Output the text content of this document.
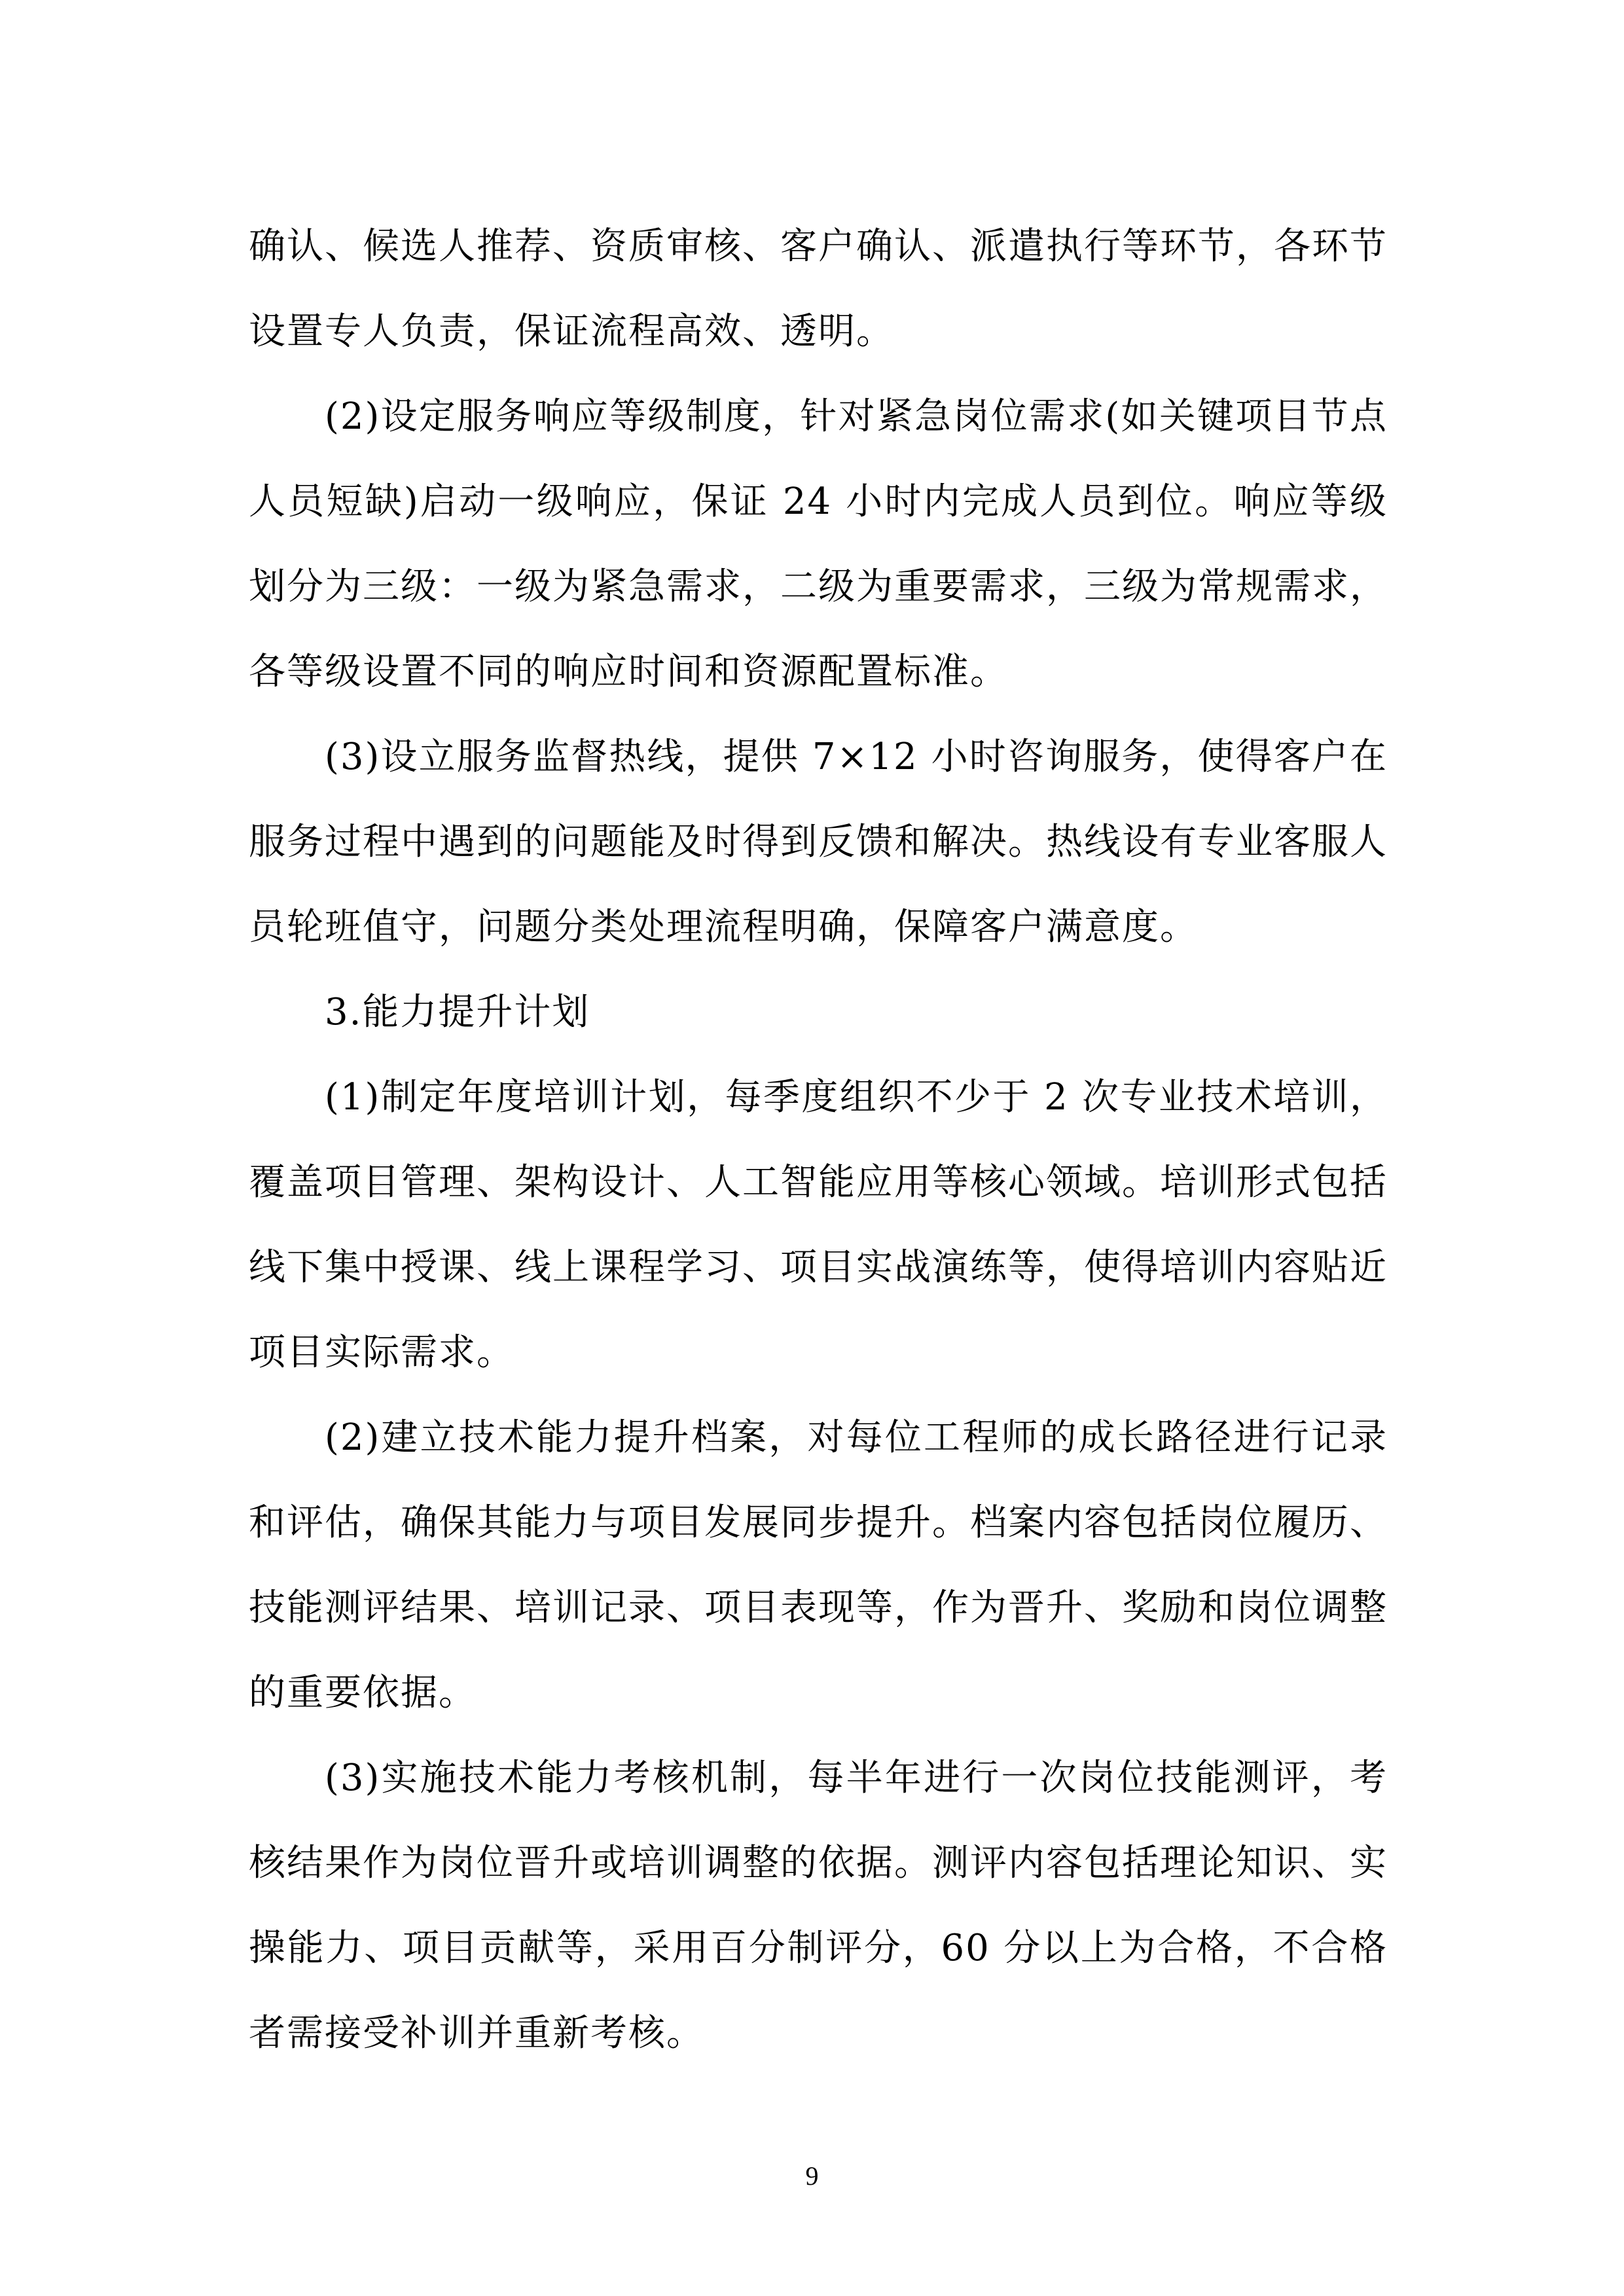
确认、候选人推荐、资质审核、客户确认、派遣执行等环节，各环节设置专人负责，保证流程高效、透明。

(2)设定服务响应等级制度，针对紧急岗位需求(如关键项目节点人员短缺)启动一级响应，保证 24 小时内完成人员到位。响应等级划分为三级：一级为紧急需求，二级为重要需求，三级为常规需求，各等级设置不同的响应时间和资源配置标准。

(3)设立服务监督热线，提供 7×12 小时咨询服务，使得客户在服务过程中遇到的问题能及时得到反馈和解决。热线设有专业客服人员轮班值守，问题分类处理流程明确，保障客户满意度。

3.能力提升计划

(1)制定年度培训计划，每季度组织不少于 2 次专业技术培训，覆盖项目管理、架构设计、人工智能应用等核心领域。培训形式包括线下集中授课、线上课程学习、项目实战演练等，使得培训内容贴近项目实际需求。

(2)建立技术能力提升档案，对每位工程师的成长路径进行记录和评估，确保其能力与项目发展同步提升。档案内容包括岗位履历、技能测评结果、培训记录、项目表现等，作为晋升、奖励和岗位调整的重要依据。

(3)实施技术能力考核机制，每半年进行一次岗位技能测评，考核结果作为岗位晋升或培训调整的依据。测评内容包括理论知识、实操能力、项目贡献等，采用百分制评分，60 分以上为合格，不合格者需接受补训并重新考核。

9
